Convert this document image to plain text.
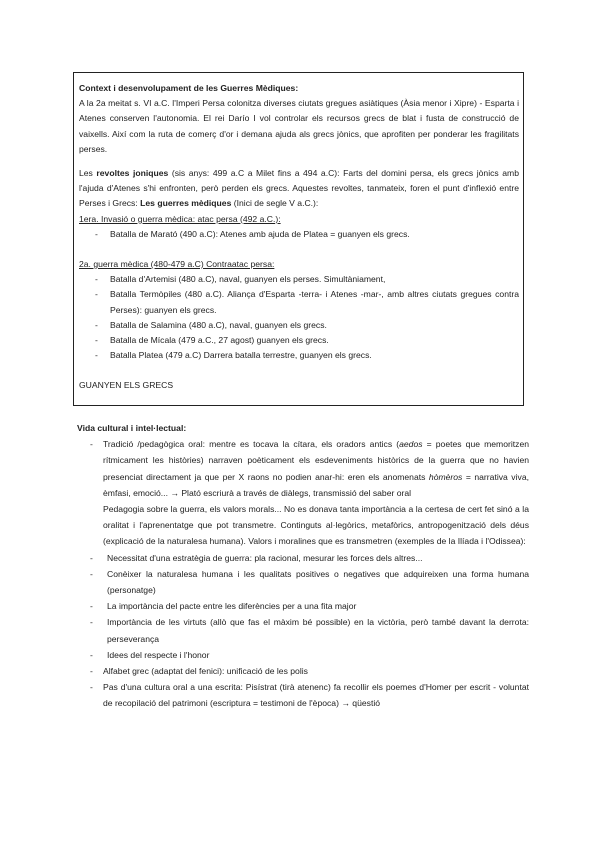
Context i desenvolupament de les Guerres Mèdiques:

A la 2a meitat s. VI a.C. l'Imperi Persa colonitza diverses ciutats gregues asiàtiques (Àsia menor i Xipre) - Esparta i Atenes conserven l'autonomia. El rei Darío I vol controlar els recursos grecs de blat i fusta de construcció de vaixells. Així com la ruta de comerç d'or i demana ajuda als grecs jònics, que aprofiten per ponderar les fragilitats perses.

Les revoltes joniques (sis anys: 499 a.C a Milet fins a 494 a.C): Farts del domini persa, els grecs jònics amb l'ajuda d'Atenes s'hi enfronten, però perden els grecs. Aquestes revoltes, tanmateix, foren el punt d'inflexió entre Perses i Grecs: Les guerres mèdiques (Inici de segle V a.C.):

1era. Invasió o guerra mèdica: atac persa (492 a.C.):

- Batalla de Marató (490 a.C): Atenes amb ajuda de Platea = guanyen els grecs.

2a. guerra mèdica (480-479 a.C) Contraatac persa:

- Batalla d'Artemisi (480 a.C), naval, guanyen els perses. Simultàniament,

- Batalla Termòpiles (480 a.C). Aliança d'Esparta -terra- i Atenes -mar-, amb altres ciutats gregues contra Perses): guanyen els grecs.

- Batalla de Salamina (480 a.C), naval, guanyen els grecs.

- Batalla de Mícala (479 a.C., 27 agost) guanyen els grecs.

- Batalla Platea (479 a.C) Darrera batalla terrestre, guanyen els grecs.

GUANYEN ELS GRECS

Vida cultural i intel·lectual:

- Tradició /pedagògica oral: mentre es tocava la cítara, els oradors antics (aedos = poetes que memoritzen rítmicament les històries) narraven poèticament els esdeveniments històrics de la guerra que no havien presenciat directament ja que per X raons no podien anar-hi: eren els anomenats hòmèros = narrativa viva, èmfasi, emoció... → Plató escriurà a través de diàlegs, transmissió del saber oral

Pedagogia sobre la guerra, els valors morals... No es donava tanta importància a la certesa de cert fet sinó a la oralitat i l'aprenentatge que pot transmetre. Continguts al·legòrics, metafòrics, antropogenització dels déus (explicació de la naturalesa humana). Valors i moralines que es transmetren (exemples de la Ilíada i l'Odissea):

- Necessitat d'una estratègia de guerra: pla racional, mesurar les forces dels altres...

- Conèixer la naturalesa humana i les qualitats positives o negatives que adquireixen una forma humana (personatge)

- La importància del pacte entre les diferències per a una fita major

- Importància de les virtuts (allò que fas el màxim bé possible) en la victòria, però també davant la derrota: perseverança

- Idees del respecte i l'honor

- Alfabet grec (adaptat del fenici): unificació de les polis

- Pas d'una cultura oral a una escrita: Pisístrat (tirà atenenc) fa recollir els poemes d'Homer per escrit - voluntat de recopilació del patrimoni (escriptura = testimoni de l'època) → qüestió
